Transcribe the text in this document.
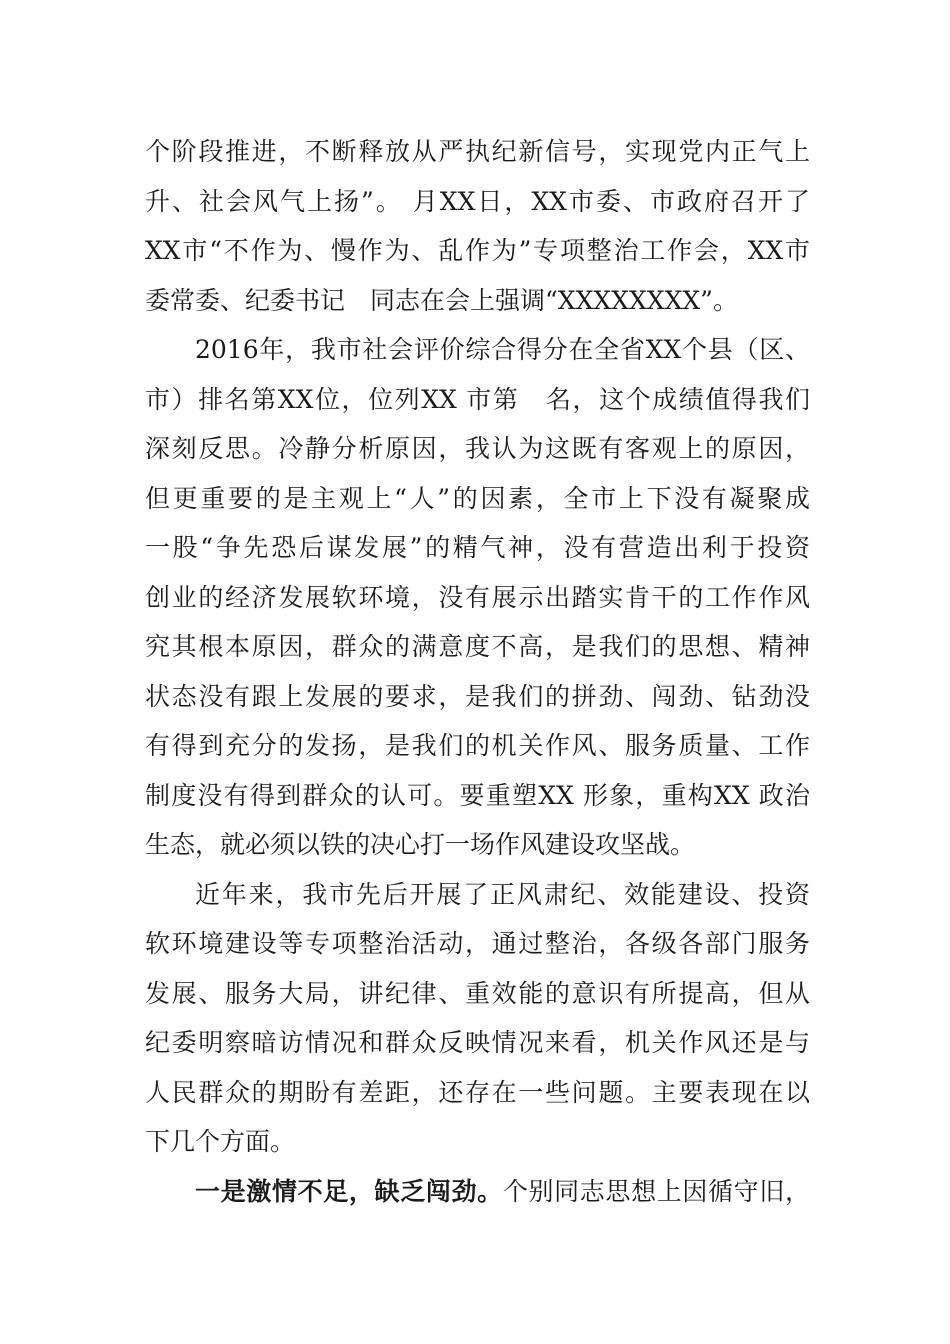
个阶段推进，不断释放从严执纪新信号，实现党内正气上
升、社会风气上扬”。 月XX日，XX市委、市政府召开了
XX市“不作为、慢作为、乱作为”专项整治工作会，XX市
委常委、纪委书记　同志在会上强调“XXXXXXXX”。
2016年，我市社会评价综合得分在全省XX个县（区、
市）排名第XX位，位列XX 市第　名，这个成绩值得我们
深刻反思。冷静分析原因，我认为这既有客观上的原因，
但更重要的是主观上“人”的因素，全市上下没有凝聚成
一股“争先恐后谋发展”的精气神，没有营造出利于投资
创业的经济发展软环境，没有展示出踏实肯干的工作作风
究其根本原因，群众的满意度不高，是我们的思想、精神
状态没有跟上发展的要求，是我们的拼劲、闯劲、钻劲没
有得到充分的发扬，是我们的机关作风、服务质量、工作
制度没有得到群众的认可。要重塑XX 形象，重构XX 政治
生态，就必须以铁的决心打一场作风建设攻坚战。
近年来，我市先后开展了正风肃纪、效能建设、投资
软环境建设等专项整治活动，通过整治，各级各部门服务
发展、服务大局，讲纪律、重效能的意识有所提高，但从
纪委明察暗访情况和群众反映情况来看，机关作风还是与
人民群众的期盼有差距，还存在一些问题。主要表现在以
下几个方面。
一是激情不足，缺乏闯劲。个别同志思想上因循守旧，
